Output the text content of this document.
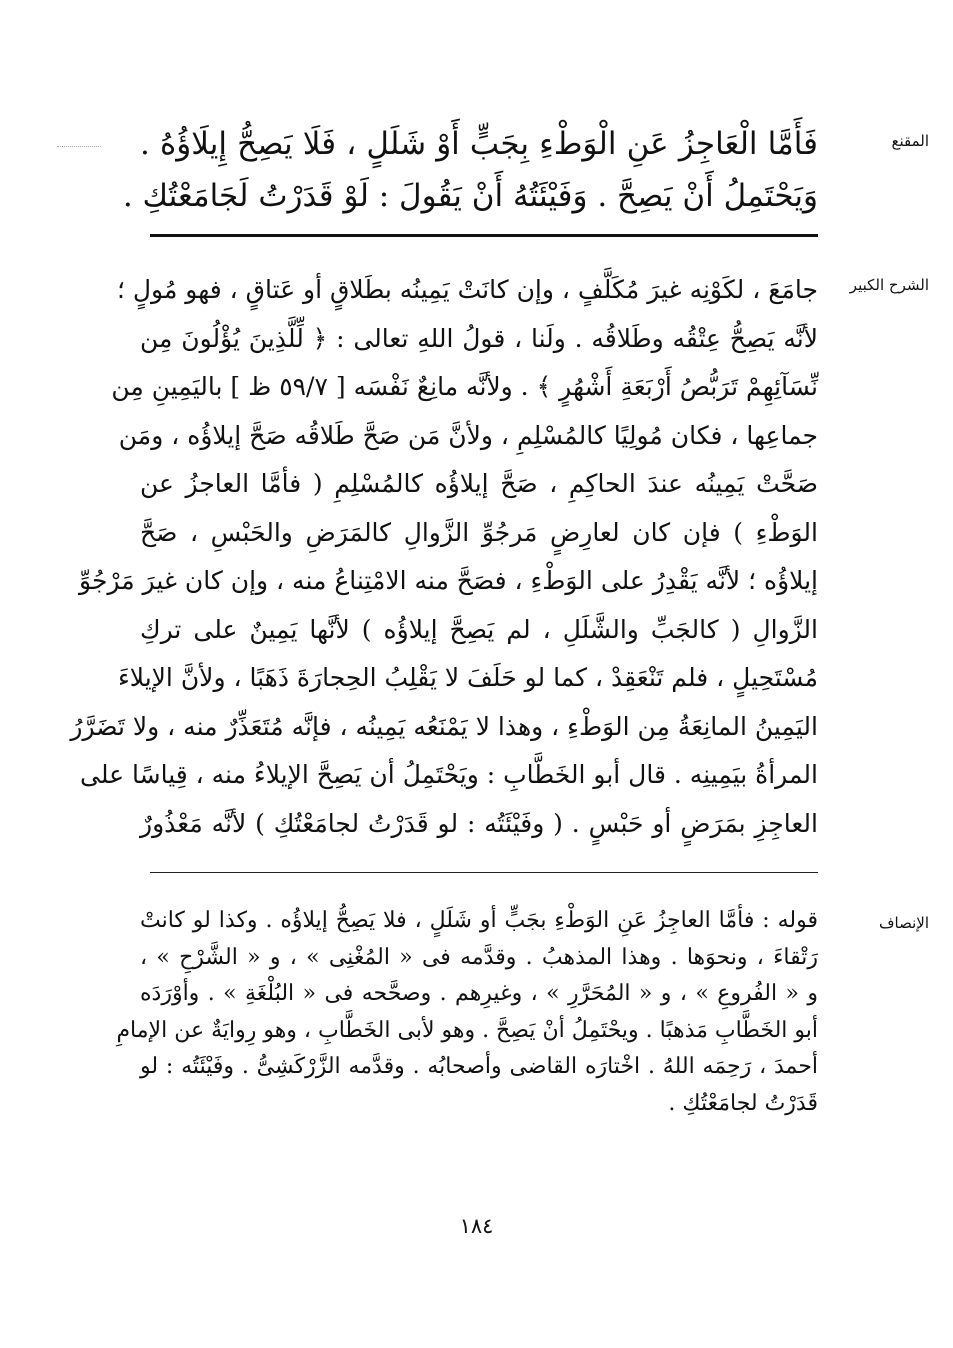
المقنع
فَأَمَّا الْعَاجِزُ عَنِ الْوَطْءِ بِجَبٍّ أَوْ شَلَلٍ ، فَلَا يَصِحُّ إِيلَاؤُهُ .
وَيَحْتَمِلُ أَنْ يَصِحَّ . وَفَيْئَتُهُ أَنْ يَقُولَ : لَوْ قَدَرْتُ لَجَامَعْتُكِ .
الشرح الكبير
جامَعَ ، لكَوْنِه غيرَ مُكَلَّفٍ ، وإن كانَتْ يَمِينُه بطَلاقٍ أو عَتاقٍ ، فهو مُولٍ ؛
لأنَّه يَصِحُّ عِتْقُه وطَلاقُه . ولَنا ، قولُ اللهِ تعالى : ﴿ لِّلَّذِينَ يُؤْلُونَ مِن
نِّسَآئِهِمْ تَرَبُّصُ أَرْبَعَةِ أَشْهُرٍ ﴾ . ولأنَّه مانِعٌ نَفْسَه [ ٥٩/٧ ظ ] باليَمِينِ مِن
جماعِها ، فكان مُولِيًا كالمُسْلِمِ ، ولأنَّ مَن صَحَّ طَلاقُه صَحَّ إيلاؤُه ، ومَن
صَحَّتْ يَمِينُه عندَ الحاكِمِ ، صَحَّ إيلاؤُه كالمُسْلِمِ ( فأمَّا العاجزُ عن
الوَطْءِ ) فإن كان لعارِضٍ مَرجُوِّ الزَّوالِ كالمَرَضِ والحَبْسِ ، صَحَّ
إيلاؤُه ؛ لأنَّه يَقْدِرُ على الوَطْءِ ، فصَحَّ منه الامْتِناعُ منه ، وإن كان غيرَ مَرْجُوِّ
الزَّوالِ ( كالجَبِّ والشَّلَلِ ، لم يَصِحَّ إيلاؤُه ) لأنَّها يَمِينٌ على تركِ
مُسْتَحِيلٍ ، فلم تَنْعَقِدْ ، كما لو حَلَفَ لا يَقْلِبُ الحِجارَةَ ذَهَبًا ، ولأنَّ الإيلاءَ
اليَمِينُ المانِعَةُ مِن الوَطْءِ ، وهذا لا يَمْنَعُه يَمِينُه ، فإنَّه مُتَعَذِّرٌ منه ، ولا تَضَرَّرُ
المرأةُ بيَمِينِه . قال أبو الخَطَّابِ : ويَحْتَمِلُ أن يَصِحَّ الإيلاءُ منه ، قِياسًا على
العاجِزِ بمَرَضٍ أو حَبْسٍ . ( وفَيْئَتُه : لو قَدَرْتُ لجامَعْتُكِ ) لأنَّه مَعْذُورٌ
الإنصاف
قوله : فأمَّا العاجِزُ عَنِ الوَطْءِ بجَبٍّ أو شَلَلٍ ، فلا يَصِحُّ إيلاؤُه . وكذا لو كانتْ
رَتْقاءَ ، ونحوَها . وهذا المذهبُ . وقدَّمه فى « المُغْنِى » ، و « الشَّرْحِ » ،
و « الفُروعِ » ، و « المُحَرَّرِ » ، وغيرِهم . وصحَّحه فى « البُلْغَةِ » . وأوْرَدَه
أبو الخَطَّابِ مَذهبًا . ويحْتَمِلُ أنْ يَصِحَّ . وهو لأبى الخَطَّابِ ، وهو رِوايَةٌ عن الإمامِ
أحمدَ ، رَحِمَه اللهُ . اخْتارَه القاضى وأصحابُه . وقدَّمه الزَّرْكَشِىُّ . وفَيْئَتُه : لو
قَدَرْتُ لجامَعْتُكِ .
١٨٤
